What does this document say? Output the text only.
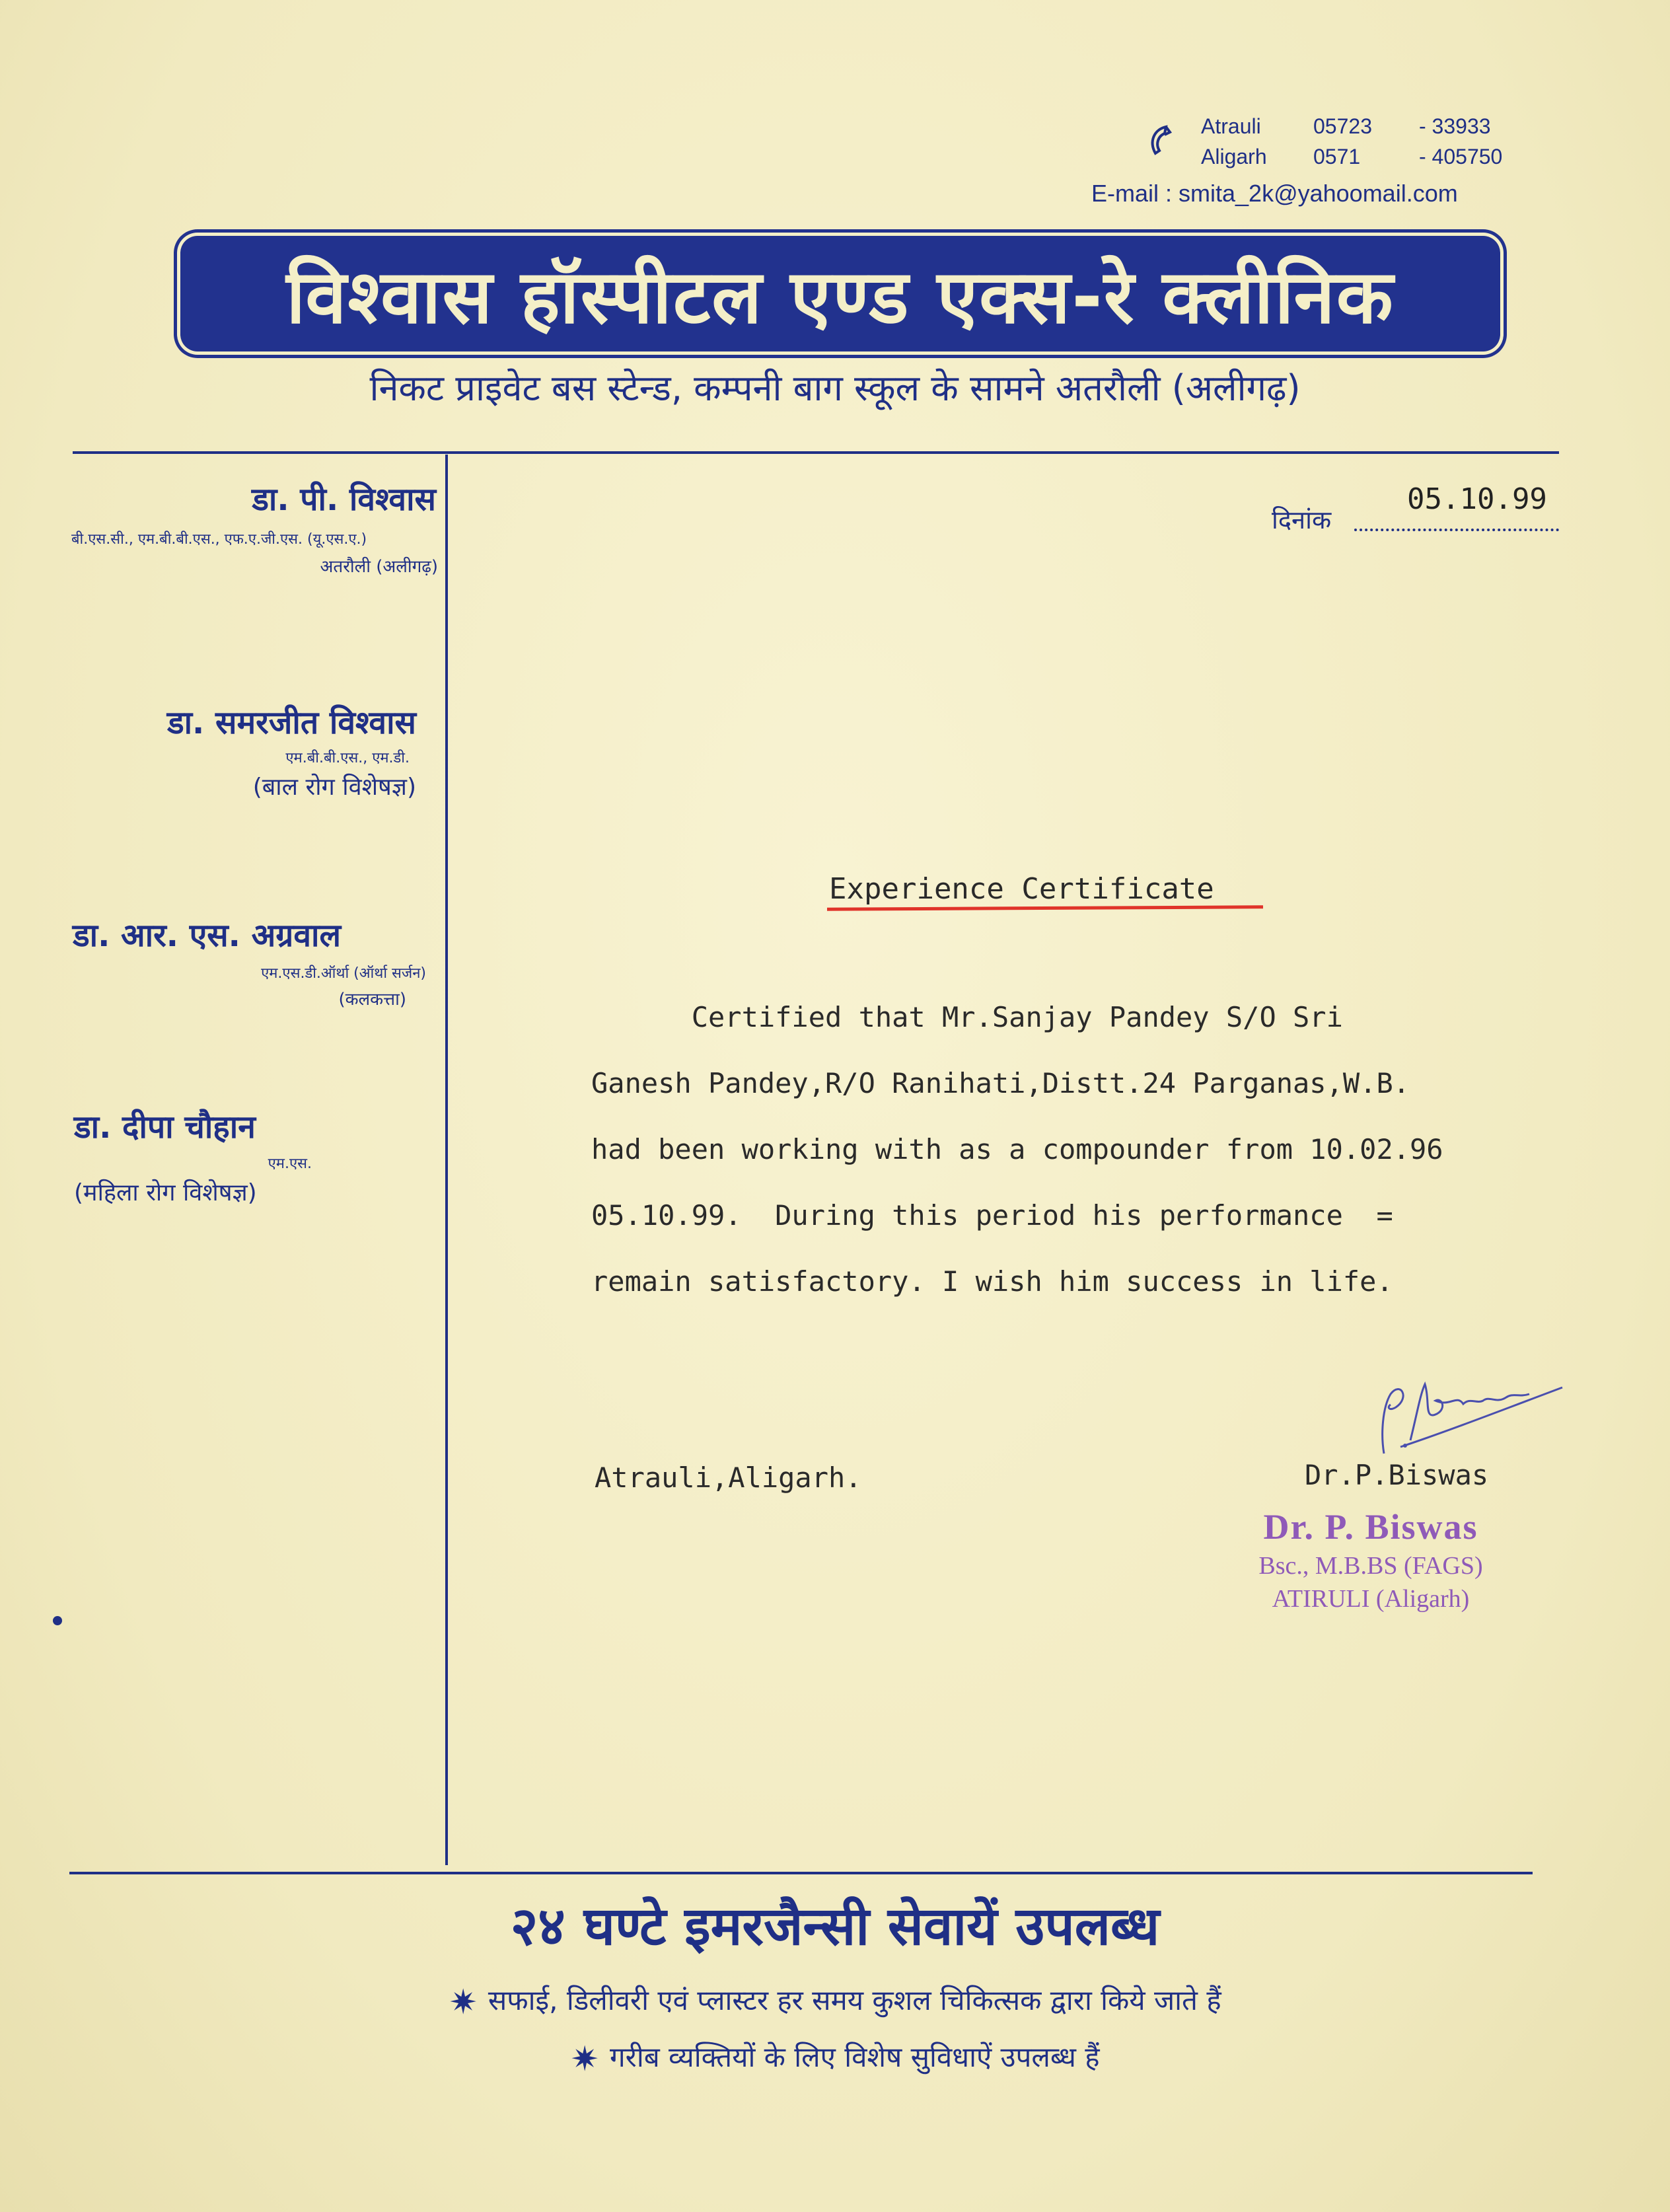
Atrauli	05723	- 33933
Aligarh	0571	- 405750
E-mail : smita_2k@yahoomail.com
विश्वास हॉस्पीटल एण्ड एक्स-रे क्लीनिक
निकट प्राइवेट बस स्टेन्ड, कम्पनी बाग स्कूल के सामने अतरौली (अलीगढ़)
डा. पी. विश्वास
बी.एस.सी., एम.बी.बी.एस., एफ.ए.जी.एस. (यू.एस.ए.)
अतरौली (अलीगढ़)
डा. समरजीत विश्वास
एम.बी.बी.एस., एम.डी.
(बाल रोग विशेषज्ञ)
डा. आर. एस. अग्रवाल
एम.एस.डी.ऑर्था (ऑर्था सर्जन)
(कलकत्ता)
डा. दीपा चौहान
एम.एस.
(महिला रोग विशेषज्ञ)
दिनांक
05.10.99
Experience Certificate
Certified that Mr.Sanjay Pandey S/O Sri
Ganesh Pandey,R/O Ranihati,Distt.24 Parganas,W.B.
had been working with as a compounder from 10.02.96
05.10.99.  During this period his performance  =
remain satisfactory. I wish him success in life.
Atrauli,Aligarh.	Dr.P.Biswas
Dr. P. Biswas
Bsc., M.B.BS (FAGS)
ATIRULI (Aligarh)
२४ घण्टे इमरजैन्सी सेवायें उपलब्ध
✷ सफाई, डिलीवरी एवं प्लास्टर हर समय कुशल चिकित्सक द्वारा किये जाते हैं
✷ गरीब व्यक्तियों के लिए विशेष सुविधाऐं उपलब्ध हैं
